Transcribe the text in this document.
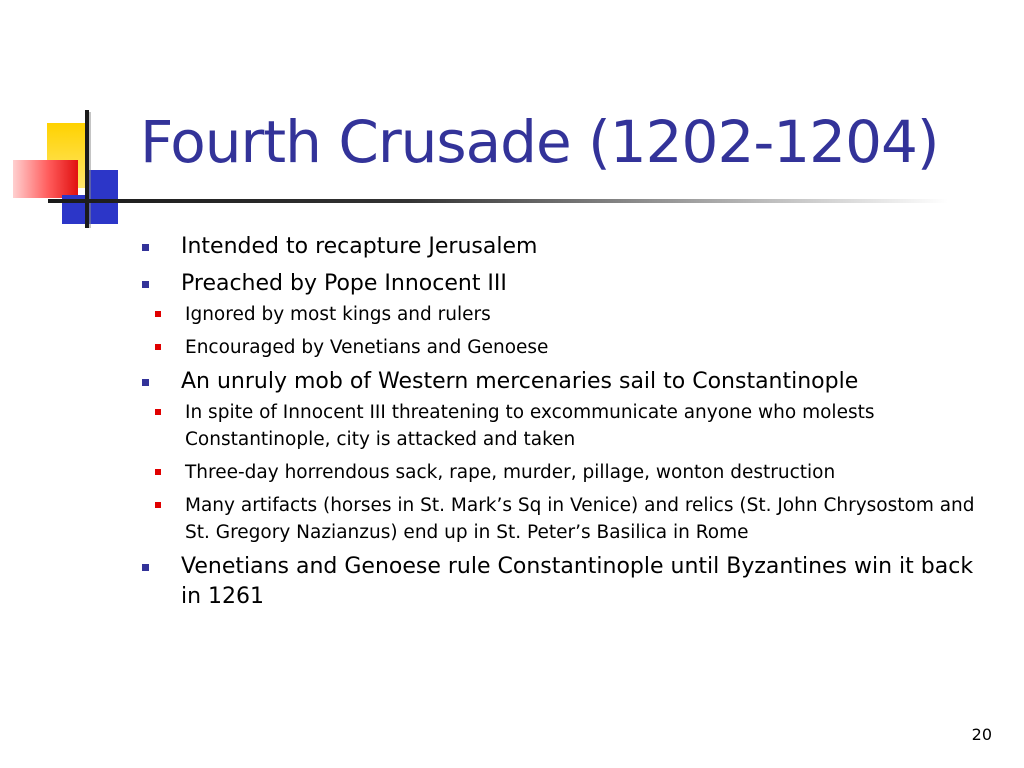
Fourth Crusade (1202-1204)
Intended to recapture Jerusalem
Preached by Pope Innocent III
Ignored by most kings and rulers
Encouraged by Venetians and Genoese
An unruly mob of Western mercenaries sail to Constantinople
In spite of Innocent III threatening to excommunicate anyone who molests Constantinople, city is attacked and taken
Three-day horrendous sack, rape, murder, pillage, wonton destruction
Many artifacts (horses in St. Mark’s Sq in Venice) and relics (St. John Chrysostom and St. Gregory Nazianzus) end up in St. Peter’s Basilica in Rome
Venetians and Genoese rule Constantinople until Byzantines win it back in 1261
20
